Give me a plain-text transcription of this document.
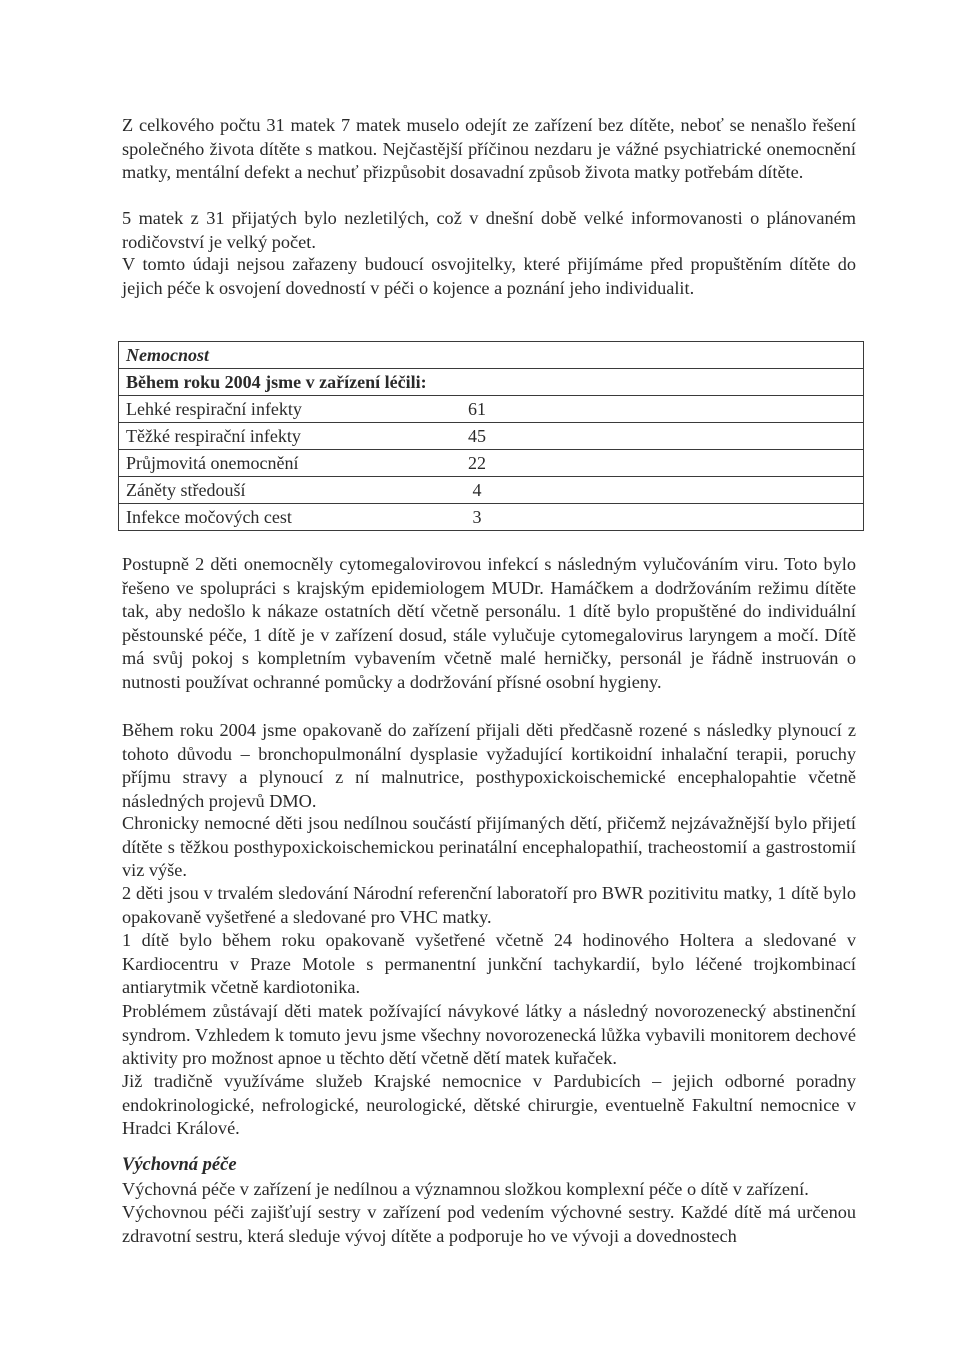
Z celkového počtu 31 matek 7 matek muselo odejít ze zařízení bez dítěte, neboť se nenašlo řešení společného života dítěte s matkou. Nejčastější příčinou nezdaru je vážné psychiatrické onemocnění matky, mentální defekt a nechuť přizpůsobit dosavadní způsob života matky potřebám dítěte.

5 matek z 31 přijatých bylo nezletilých, což v dnešní době velké informovanosti o plánovaném rodičovství je velký počet.

V tomto údaji nejsou zařazeny budoucí osvojitelky, které přijímáme před propuštěním dítěte do jejich péče k osvojení dovedností v péči o kojence a poznání jeho individualit.

Nemocnost
Během roku 2004 jsme v zařízení léčili:
Lehké respirační infekty	61

Těžké respirační infekty	45

Průjmovitá onemocnění	22

Záněty středouší	4

Infekce močových cest	3

Postupně 2 děti onemocněly cytomegalovirovou infekcí s následným vylučováním viru. Toto bylo řešeno ve spolupráci s krajským epidemiologem MUDr. Hamáčkem a dodržováním režimu dítěte tak, aby nedošlo k nákaze ostatních dětí včetně personálu. 1 dítě bylo propuštěné do individuální pěstounské péče, 1 dítě je v zařízení dosud, stále vylučuje cytomegalovirus laryngem a močí. Dítě má svůj pokoj s kompletním vybavením včetně malé herničky, personál je řádně instruován o nutnosti používat ochranné pomůcky a dodržování přísné osobní hygieny.

Během roku 2004 jsme opakovaně do zařízení přijali děti předčasně rozené s následky plynoucí z tohoto důvodu – bronchopulmonální dysplasie vyžadující kortikoidní inhalační terapii, poruchy příjmu stravy a plynoucí z ní malnutrice, posthypoxickoischemické encephalopahtie včetně následných projevů DMO.

Chronicky nemocné děti jsou nedílnou součástí přijímaných dětí, přičemž nejzávažnější bylo přijetí dítěte s těžkou posthypoxickoischemickou perinatální encephalopathií, tracheostomií a gastrostomií viz výše.

2 děti jsou v trvalém sledování Národní referenční laboratoří pro BWR pozitivitu matky, 1 dítě bylo opakovaně vyšetřené a sledované pro VHC matky.

1 dítě bylo během roku opakovaně vyšetřené včetně 24 hodinového Holtera a sledované v Kardiocentru v Praze Motole s permanentní junkční tachykardií, bylo léčené trojkombinací antiarytmik včetně kardiotonika.

Problémem zůstávají děti matek požívající návykové látky a následný novorozenecký abstinenční syndrom. Vzhledem k tomuto jevu jsme všechny novorozenecká lůžka vybavili monitorem dechové aktivity pro možnost apnoe u těchto dětí včetně dětí matek kuřaček.

Již tradičně využíváme služeb Krajské nemocnice v Pardubicích – jejich odborné poradny endokrinologické, nefrologické, neurologické, dětské chirurgie, eventuelně Fakultní nemocnice v Hradci Králové.

Výchovná péče

Výchovná péče v zařízení je nedílnou a významnou složkou komplexní péče o dítě v zařízení.

Výchovnou péči zajišťují sestry v zařízení pod vedením výchovné sestry. Každé dítě má určenou zdravotní sestru, která sleduje vývoj dítěte a podporuje ho ve vývoji a dovednostech
